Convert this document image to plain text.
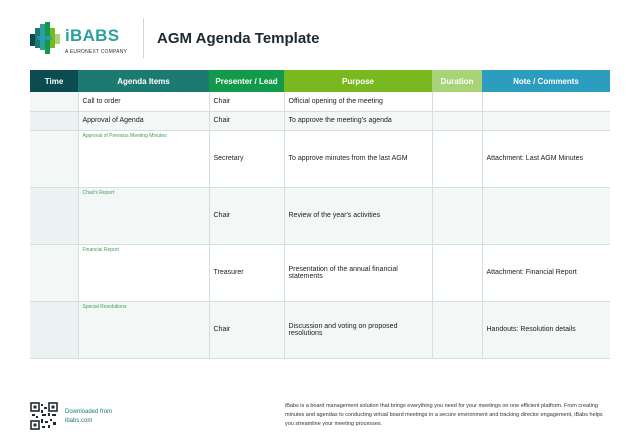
iBABS
A EURONEXT COMPANY
AGM Agenda Template
Time	Agenda Items	Presenter / Lead	Purpose	Duration	Note / Comments
	Call to order	Chair	Official opening of the meeting		
	Approval of Agenda	Chair	To approve the meeting's agenda		

	Approval of Previous Meeting Minutes	Secretary	To approve minutes from the last AGM		Attachment: Last AGM Minutes

	Chair's Report	Chair	Review of the year's activities		

	Financial Report	Treasurer	Presentation of the annual financial statements		Attachment: Financial Report

	Special Resolutions	Chair	Discussion and voting on proposed resolutions		Handouts: Resolution details
Downloaded from
ibabs.com
iBabs is a board management solution that brings everything you need for your meetings on one efficient platform. From creating minutes and agendas to conducting virtual board meetings in a secure environment and tracking director engagement, iBabs helps you streamline your meeting processes.
